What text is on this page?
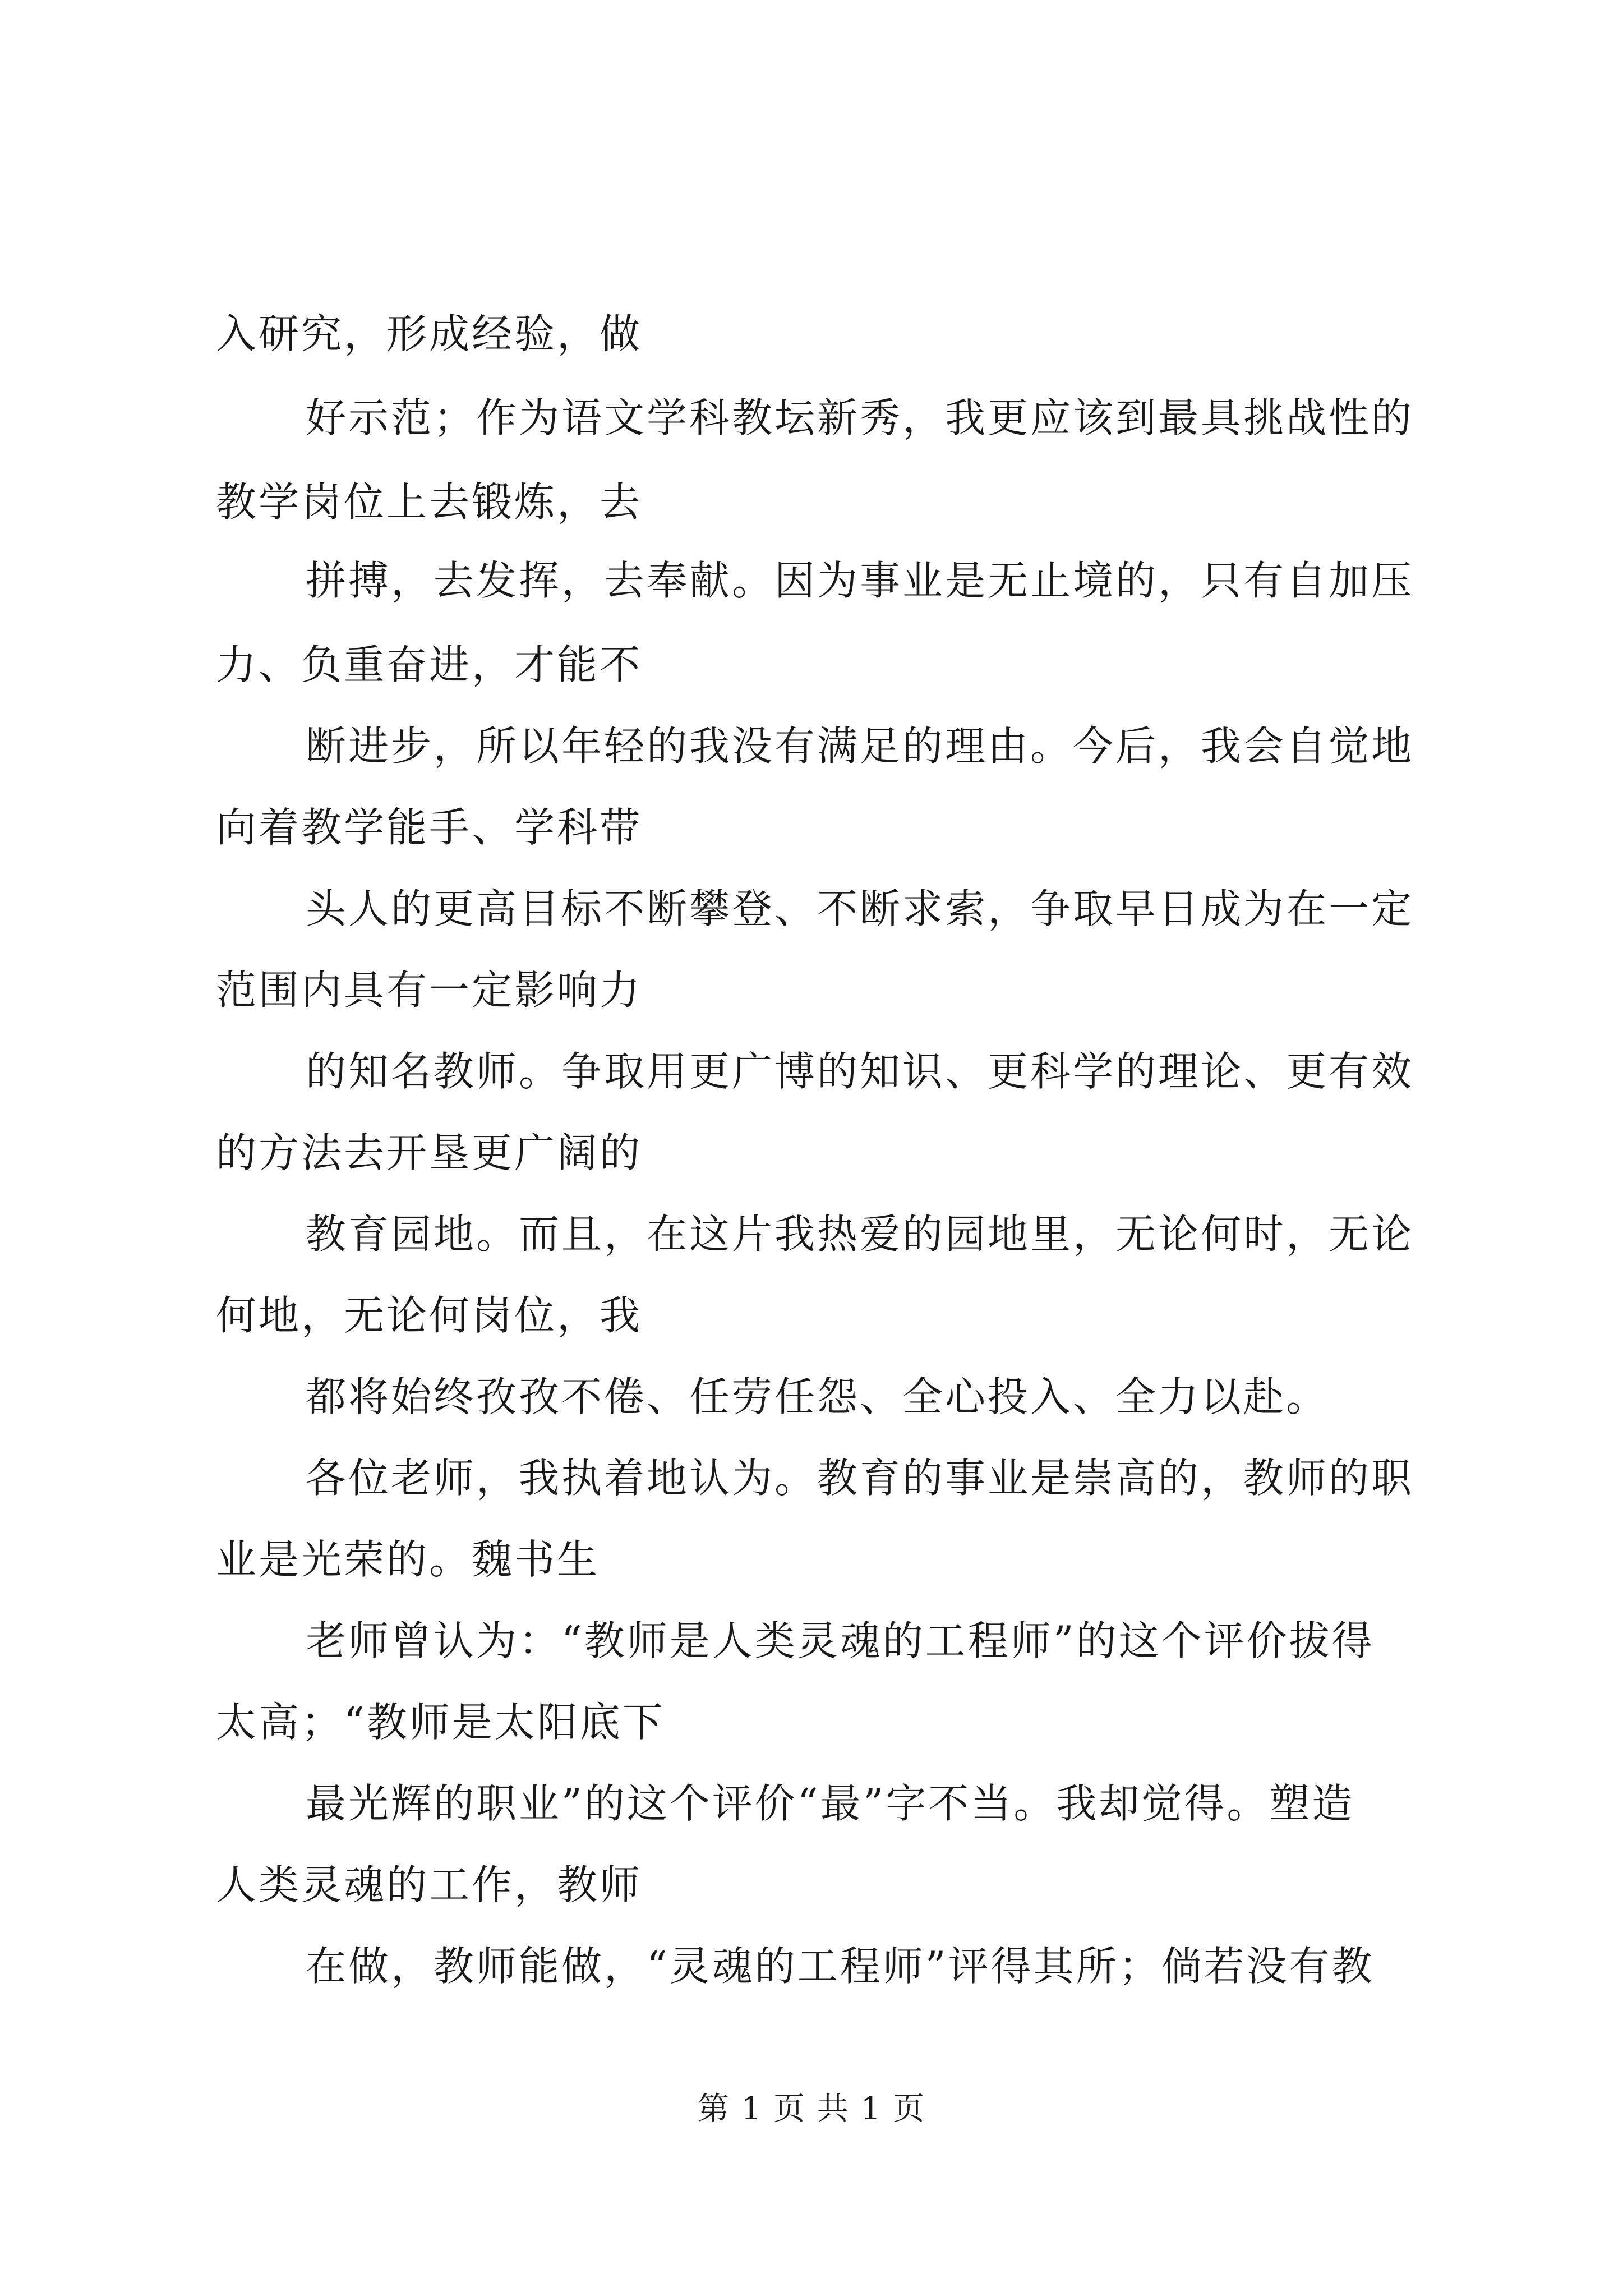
入研究，形成经验，做
好示范；作为语文学科教坛新秀，我更应该到最具挑战性的
教学岗位上去锻炼，去
拼搏，去发挥，去奉献。因为事业是无止境的，只有自加压
力、负重奋进，才能不
断进步，所以年轻的我没有满足的理由。今后，我会自觉地
向着教学能手、学科带
头人的更高目标不断攀登、不断求索，争取早日成为在一定
范围内具有一定影响力
的知名教师。争取用更广博的知识、更科学的理论、更有效
的方法去开垦更广阔的
教育园地。而且，在这片我热爱的园地里，无论何时，无论
何地，无论何岗位，我
都将始终孜孜不倦、任劳任怨、全心投入、全力以赴。
各位老师，我执着地认为。教育的事业是崇高的，教师的职
业是光荣的。魏书生
老师曾认为：“教师是人类灵魂的工程师”的这个评价拔得
太高；“教师是太阳底下
最光辉的职业”的这个评价“最”字不当。我却觉得。塑造
人类灵魂的工作，教师
在做，教师能做，“灵魂的工程师”评得其所；倘若没有教
第 1 页 共 1 页
